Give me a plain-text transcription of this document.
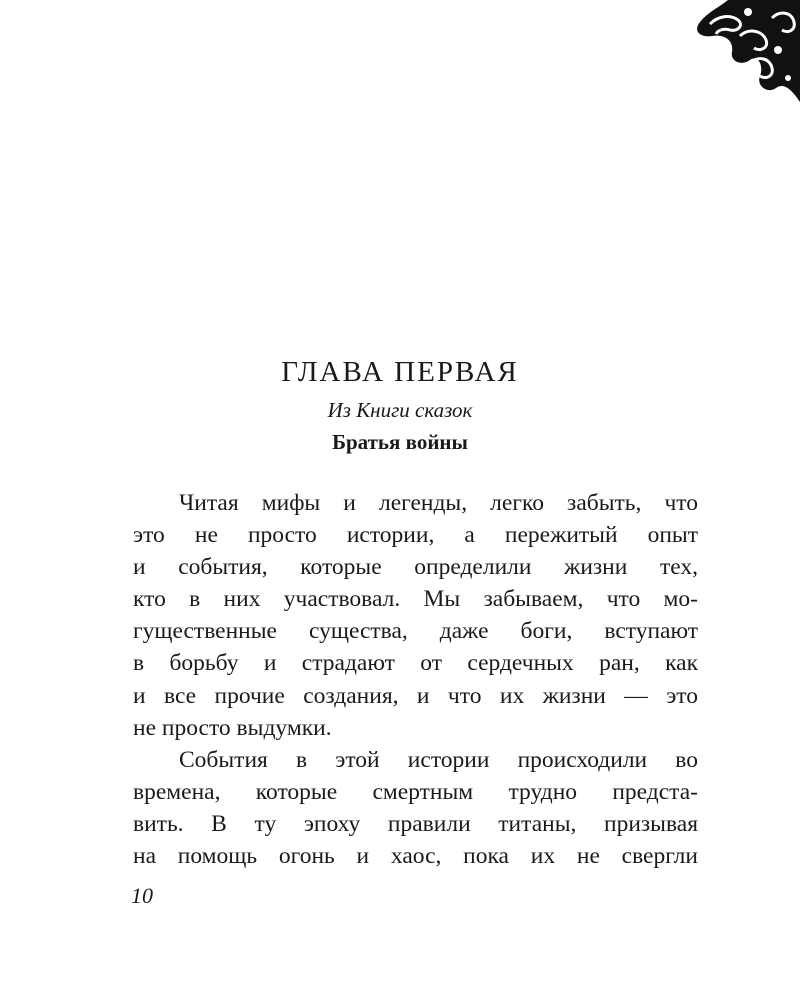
ГЛАВА ПЕРВАЯ
Из Книги сказок
Братья войны
Читая мифы и легенды, легко забыть, что
это не просто истории, а пережитый опыт
и события, которые определили жизни тех,
кто в них участвовал. Мы забываем, что мо-
гущественные существа, даже боги, вступают
в борьбу и страдают от сердечных ран, как
и все прочие создания, и что их жизни — это
не просто выдумки.
События в этой истории происходили во
времена, которые смертным трудно предста-
вить. В ту эпоху правили титаны, призывая
на помощь огонь и хаос, пока их не свергли
10
